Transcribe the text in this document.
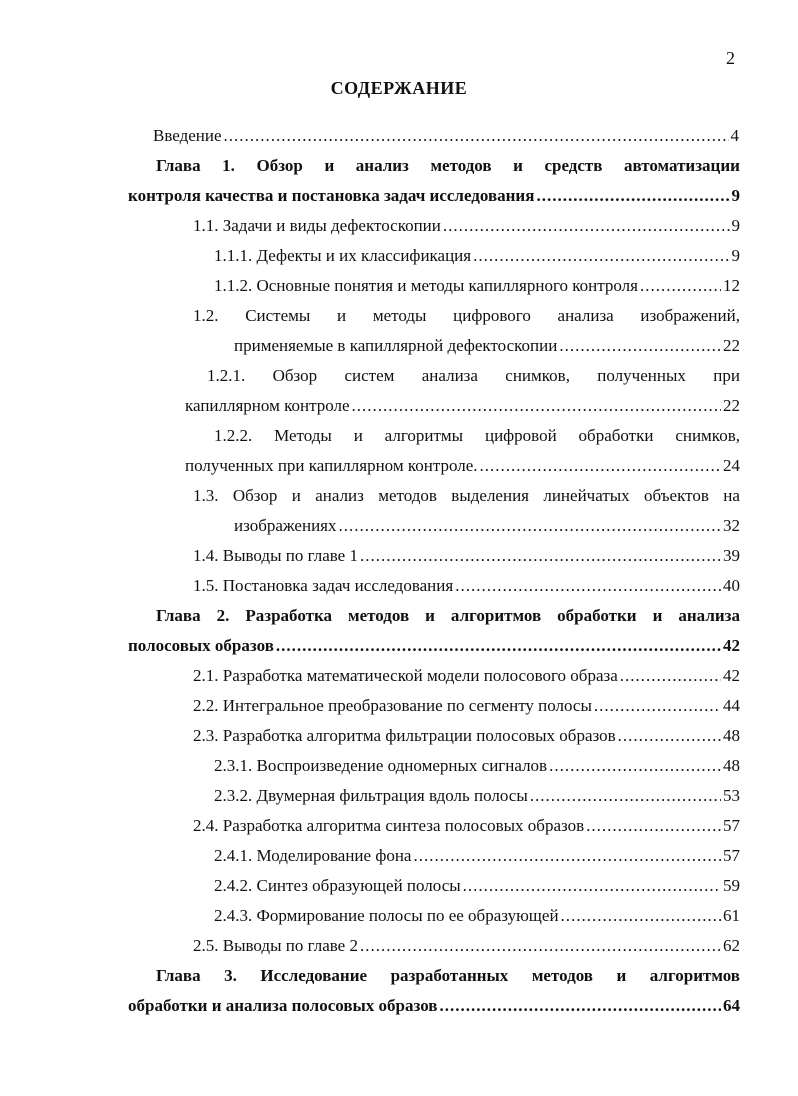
2
СОДЕРЖАНИЕ
Введение .....	4
Глава 1. Обзор и анализ методов и средств автоматизации
контроля качества и постановка задач исследования .....	9
1.1. Задачи и виды дефектоскопии .....	9
1.1.1. Дефекты и их классификация .....	9
1.1.2. Основные понятия и методы капиллярного контроля .....	12
1.2. Системы и методы цифрового анализа изображений,
применяемые в капиллярной дефектоскопии .....	22
1.2.1. Обзор систем анализа снимков, полученных при
капиллярном контроле .....	22
1.2.2. Методы и алгоритмы цифровой обработки снимков,
полученных при капиллярном контроле. .....	24
1.3. Обзор и анализ методов выделения линейчатых объектов на
изображениях .....	32
1.4. Выводы по главе 1 .....	39
1.5. Постановка задач исследования .....	40
Глава 2. Разработка методов и алгоритмов обработки и анализа
полосовых образов .....	42
2.1. Разработка математической модели полосового образа .....	42
2.2. Интегральное преобразование по сегменту полосы .....	44
2.3. Разработка алгоритма фильтрации полосовых образов .....	48
2.3.1. Воспроизведение одномерных сигналов .....	48
2.3.2. Двумерная фильтрация вдоль полосы .....	53
2.4. Разработка алгоритма синтеза полосовых образов .....	57
2.4.1. Моделирование фона .....	57
2.4.2. Синтез образующей полосы .....	59
2.4.3. Формирование полосы по ее образующей .....	61
2.5. Выводы по главе 2 .....	62
Глава 3. Исследование разработанных методов и алгоритмов
обработки и анализа полосовых образов .....	64
